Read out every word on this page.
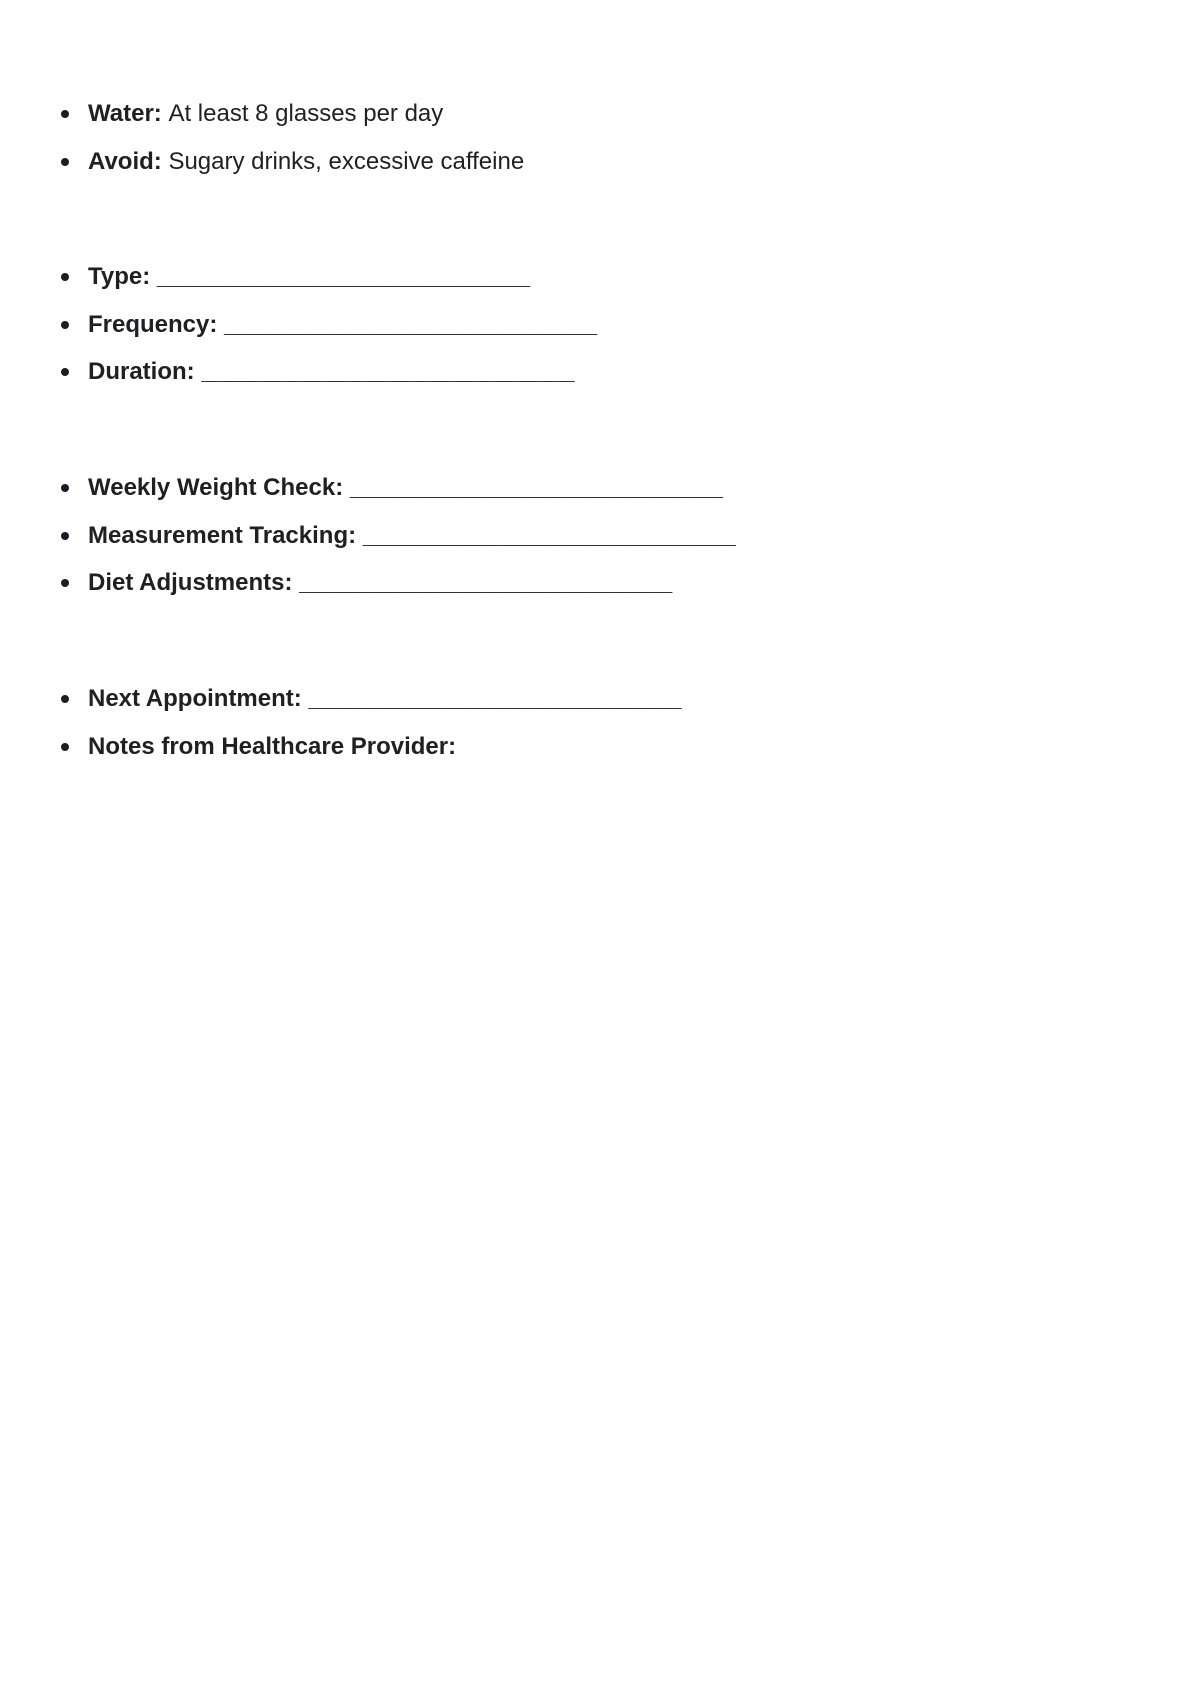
Water: At least 8 glasses per day
Avoid: Sugary drinks, excessive caffeine
Type: _____________________________
Frequency: _____________________________
Duration: _____________________________
Weekly Weight Check: _____________________________
Measurement Tracking: _____________________________
Diet Adjustments: _____________________________
Next Appointment: _____________________________
Notes from Healthcare Provider:
